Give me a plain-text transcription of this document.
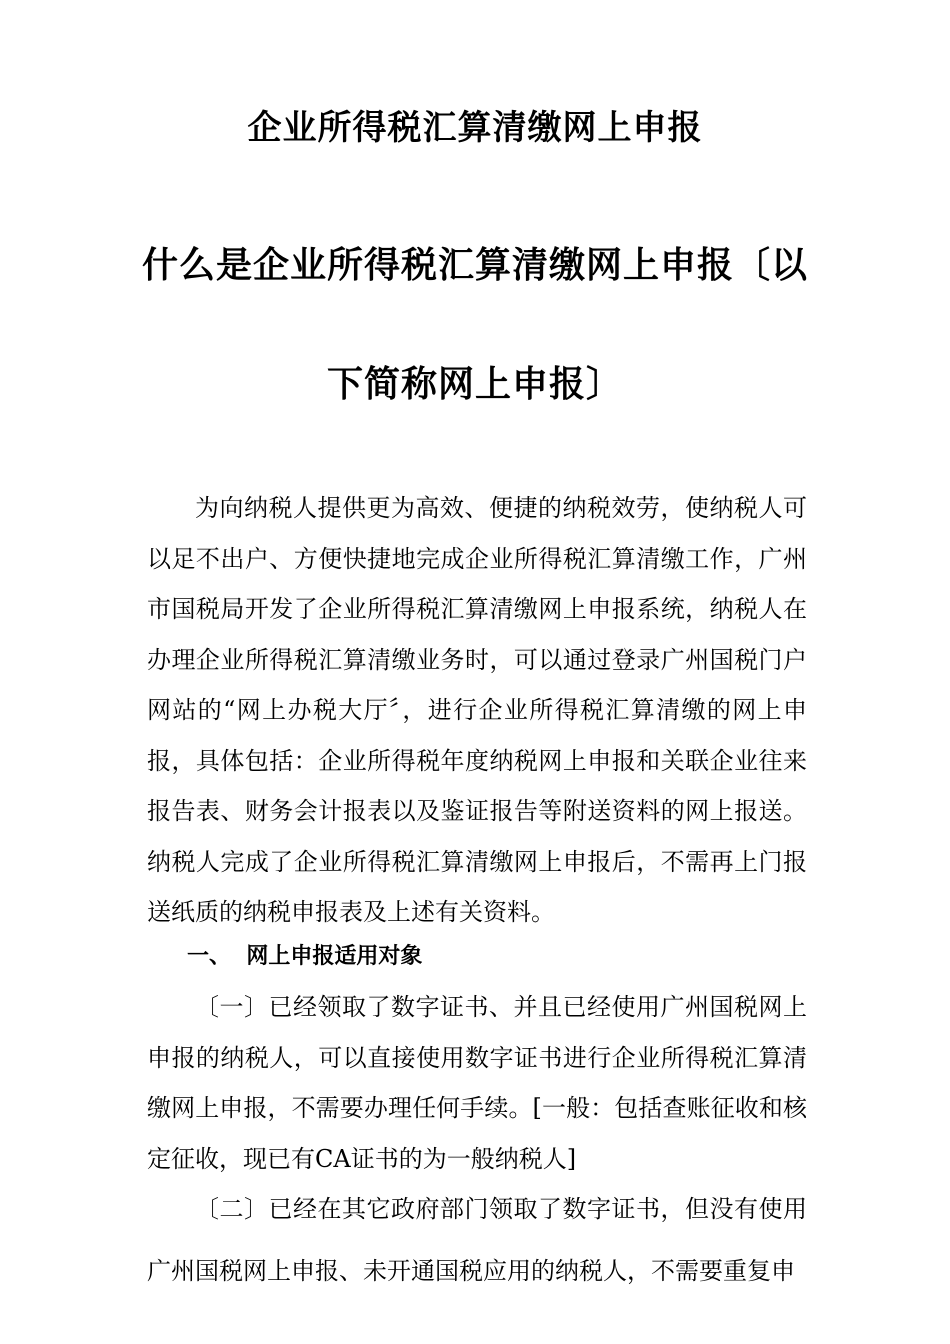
企业所得税汇算清缴网上申报
什么是企业所得税汇算清缴网上申报〔以
下简称网上申报〕
为向纳税人提供更为高效、便捷的纳税效劳，使纳税人可以足不出户、方便快捷地完成企业所得税汇算清缴工作，广州市国税局开发了企业所得税汇算清缴网上申报系统，纳税人在办理企业所得税汇算清缴业务时，可以通过登录广州国税门户网站的“网上办税大厅〞，进行企业所得税汇算清缴的网上申报，具体包括：企业所得税年度纳税网上申报和关联企业往来报告表、财务会计报表以及鉴证报告等附送资料的网上报送。纳税人完成了企业所得税汇算清缴网上申报后，不需再上门报送纸质的纳税申报表及上述有关资料。
一、  网上申报适用对象
〔一〕已经领取了数字证书、并且已经使用广州国税网上申报的纳税人，可以直接使用数字证书进行企业所得税汇算清缴网上申报，不需要办理任何手续。[一般：包括查账征收和核定征收，现已有CA证书的为一般纳税人]
〔二〕已经在其它政府部门领取了数字证书，但没有使用广州国税网上申报、未开通国税应用的纳税人，不需要重复申
